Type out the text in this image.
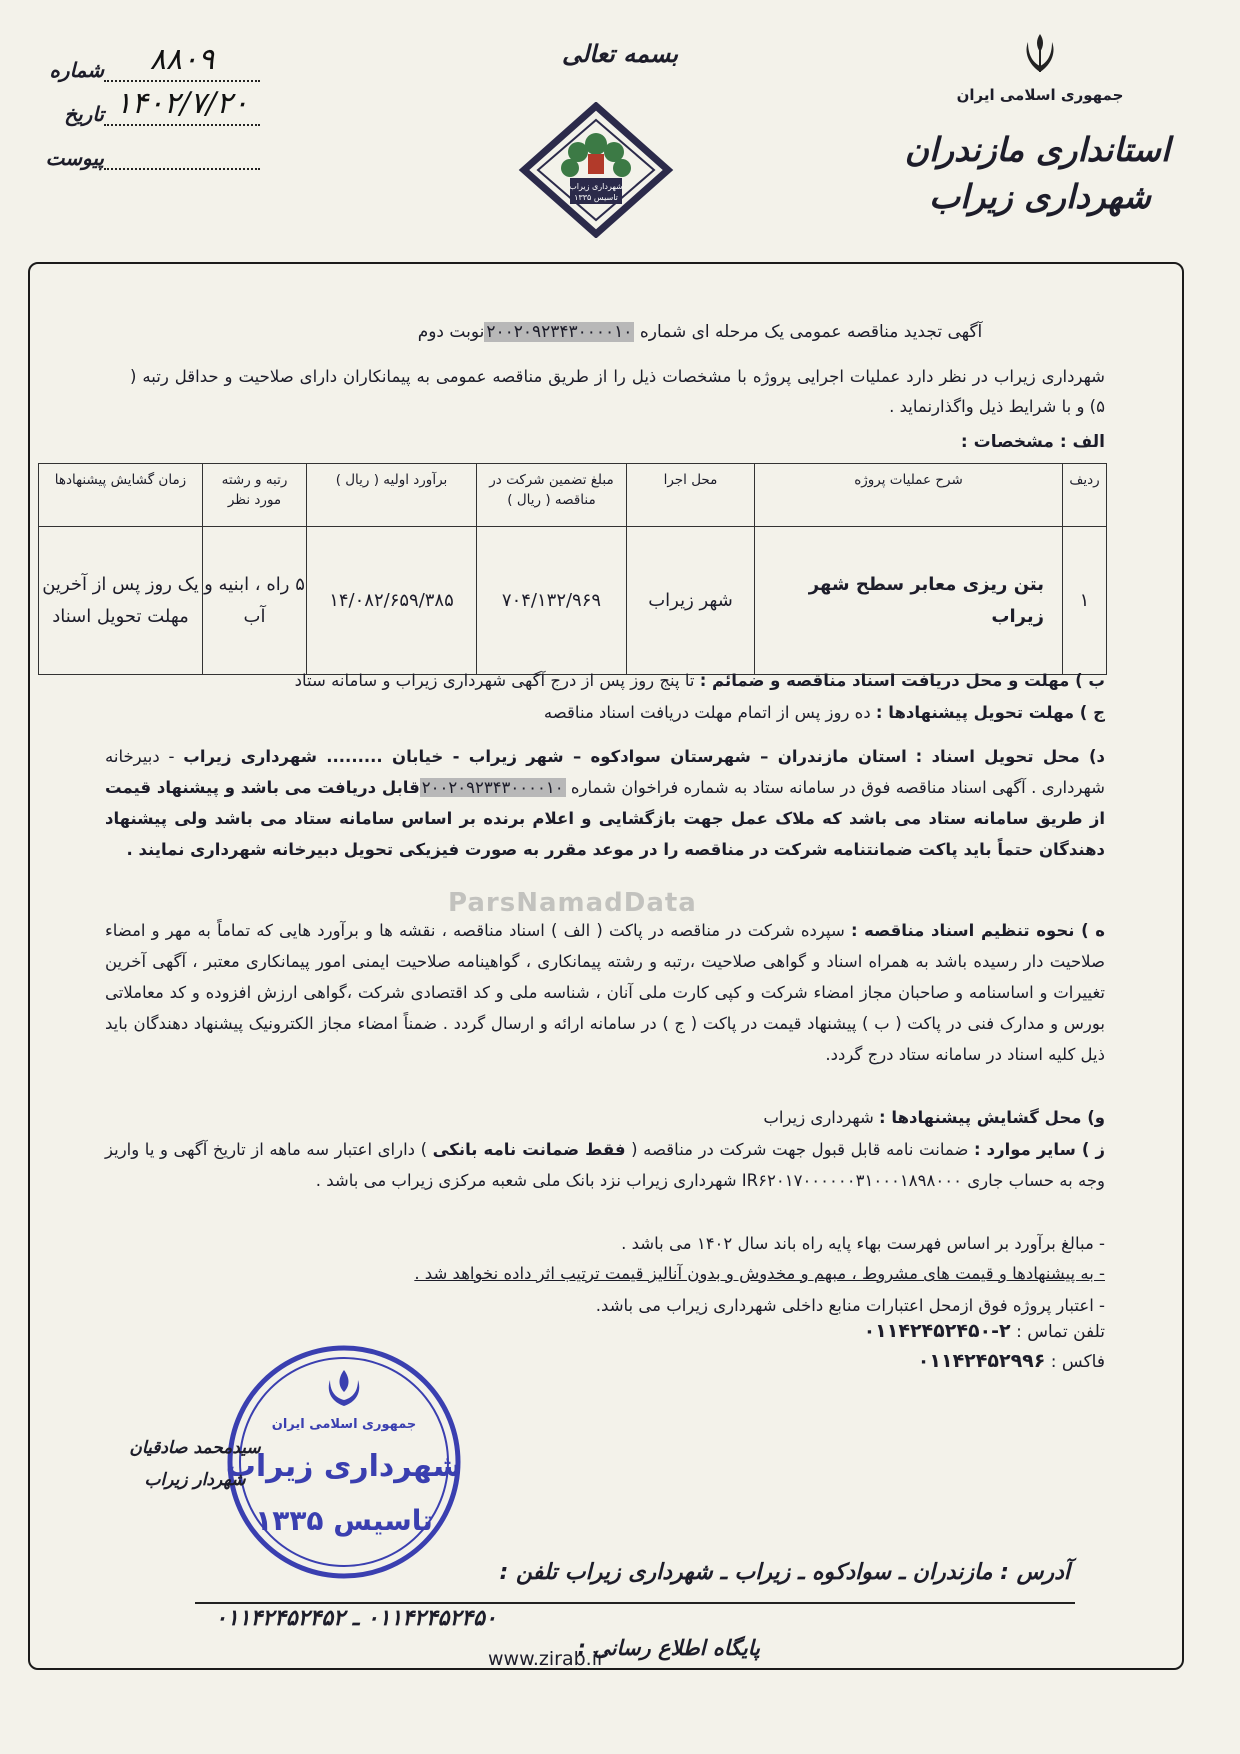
جمهوری اسلامی ایران
استانداری مازندران
شهرداری زیراب
بسمه تعالی
شهرداری زیراب
تاسیس ۱۳۳۵
۸۸۰۹
شماره
۱۴۰۲/۷/۲۰
تاریخ
پیوست
آگهی تجدید مناقصه عمومی یک مرحله ای شماره ۲۰۰۲۰۹۲۳۴۳۰۰۰۰۱۰نوبت دوم
شهرداری زیراب در نظر دارد عملیات اجرایی پروژه با مشخصات ذیل را از طریق مناقصه عمومی به پیمانکاران دارای صلاحیت و حداقل رتبه ( ۵) و با شرایط ذیل واگذارنماید .
الف : مشخصات :
ردیف	شرح عملیات پروژه	محل اجرا	مبلغ تضمین شرکت در مناقصه ( ریال )	برآورد اولیه ( ریال )	رتبه و رشته مورد نظر	زمان گشایش پیشنهادها
۱	بتن ریزی معابر سطح شهر زیراب	شهر زیراب	۷۰۴/۱۳۲/۹۶۹	۱۴/۰۸۲/۶۵۹/۳۸۵	۵ راه ، ابنیه و آب	یک روز پس از آخرین مهلت تحویل اسناد
ب ) مهلت و محل دریافت اسناد مناقصه و ضمائم : تا پنج روز پس از درج آگهی شهرداری زیراب و سامانه ستاد
ج ) مهلت تحویل پیشنهادها : ده روز پس از اتمام مهلت دریافت اسناد مناقصه
د) محل تحویل اسناد : استان مازندران – شهرستان سوادکوه – شهر زیراب - خیابان ......... شهرداری زیراب - دبیرخانه شهرداری . آگهی اسناد مناقصه فوق در سامانه ستاد به شماره فراخوان شماره ۲۰۰۲۰۹۲۳۴۳۰۰۰۰۱۰قابل دریافت می باشد و پیشنهاد قیمت از طریق سامانه ستاد می باشد که ملاک عمل جهت بازگشایی و اعلام برنده بر اساس سامانه ستاد می باشد ولی پیشنهاد دهندگان حتماً باید پاکت ضمانتنامه شرکت در مناقصه را در موعد مقرر به صورت فیزیکی تحویل دبیرخانه شهرداری نمایند .
ParsNamadData
ه ) نحوه تنظیم اسناد مناقصه : سپرده شرکت در مناقصه در پاکت ( الف ) اسناد مناقصه ، نقشه ها و برآورد هایی که تماماً به مهر و امضاء صلاحیت دار رسیده باشد به همراه اسناد و گواهی صلاحیت ،رتبه و رشته پیمانکاری ، گواهینامه صلاحیت ایمنی امور پیمانکاری معتبر ، آگهی آخرین تغییرات و اساسنامه و صاحبان مجاز امضاء شرکت و کپی کارت ملی آنان ، شناسه ملی و کد اقتصادی شرکت ،گواهی ارزش افزوده و کد معاملاتی بورس و مدارک فنی در پاکت ( ب ) پیشنهاد قیمت در پاکت ( ج ) در سامانه ارائه و ارسال گردد . ضمناً امضاء مجاز الکترونیک پیشنهاد دهندگان باید ذیل کلیه اسناد در سامانه ستاد درج گردد.
و) محل گشایش پیشنهادها : شهرداری زیراب
ز ) سایر موارد : ضمانت نامه قابل قبول جهت شرکت در مناقصه ( فقط ضمانت نامه بانکی ) دارای اعتبار سه ماهه از تاریخ آگهی و یا واریز وجه به حساب جاری IR۶۲۰۱۷۰۰۰۰۰۰۳۱۰۰۰۱۸۹۸۰۰۰ شهرداری زیراب نزد بانک ملی شعبه مرکزی زیراب می باشد .
- مبالغ برآورد بر اساس فهرست بهاء پایه راه باند سال ۱۴۰۲ می باشد .
- به پیشنهادها و قیمت های مشروط ، مبهم و مخدوش و بدون آنالیز قیمت ترتیب اثر داده نخواهد شد .
- اعتبار پروژه فوق ازمحل اعتبارات منابع داخلی شهرداری زیراب می باشد.
تلفن تماس : ۲-۰۱۱۴۲۴۵۲۴۵۰
فاکس : ۰۱۱۴۲۴۵۲۹۹۶
جمهوری اسلامی ایران
شهرداری زیراب
تاسیس ۱۳۳۵
سیدمحمد صادقیان
شهردار زیراب
آدرس : مازندران ـ سوادکوه ـ زیراب ـ شهرداری زیراب تلفن :
۰۱۱۴۲۴۵۲۴۵۰ ـ ۰۱۱۴۲۴۵۲۴۵۲
پایگاه اطلاع رسانی :
www.zirab.ir
